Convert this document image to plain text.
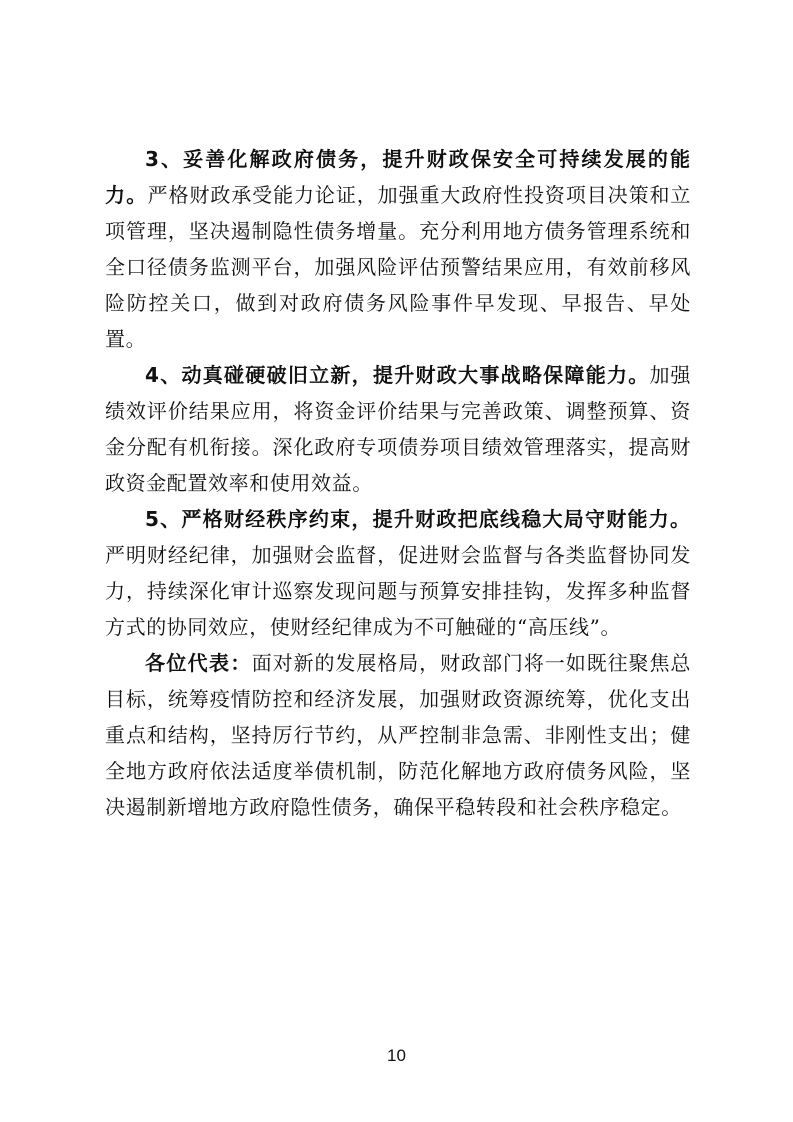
3、妥善化解政府债务，提升财政保安全可持续发展的能力。严格财政承受能力论证，加强重大政府性投资项目决策和立项管理，坚决遏制隐性债务增量。充分利用地方债务管理系统和全口径债务监测平台，加强风险评估预警结果应用，有效前移风险防控关口，做到对政府债务风险事件早发现、早报告、早处置。

4、动真碰硬破旧立新，提升财政大事战略保障能力。加强绩效评价结果应用，将资金评价结果与完善政策、调整预算、资金分配有机衔接。深化政府专项债券项目绩效管理落实，提高财政资金配置效率和使用效益。

5、严格财经秩序约束，提升财政把底线稳大局守财能力。严明财经纪律，加强财会监督，促进财会监督与各类监督协同发力，持续深化审计巡察发现问题与预算安排挂钩，发挥多种监督方式的协同效应，使财经纪律成为不可触碰的“高压线”。

各位代表：面对新的发展格局，财政部门将一如既往聚焦总目标，统筹疫情防控和经济发展，加强财政资源统筹，优化支出重点和结构，坚持厉行节约，从严控制非急需、非刚性支出；健全地方政府依法适度举债机制，防范化解地方政府债务风险，坚决遏制新增地方政府隐性债务，确保平稳转段和社会秩序稳定。

10
